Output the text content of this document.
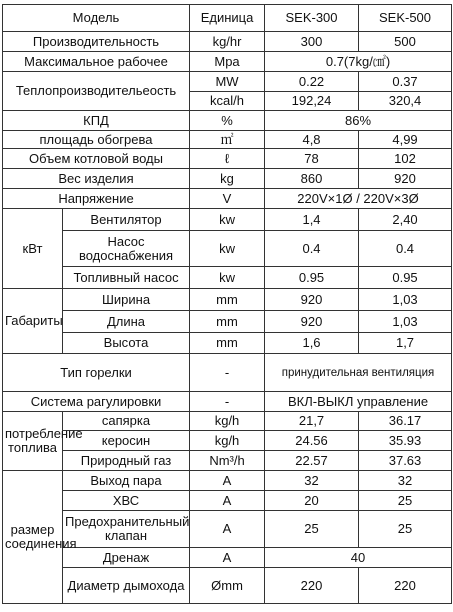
Модель		Единица	SEK-300	SEK-500
Производительность		kg/hr	300	500
Максимальное рабочее		Mpa	0.7(7kg/㎠)	
Теплопроизводительеость		MW	0.22	0.37
		kcal/h	192,24	320,4
КПД		%	86%	
площадь обогрева		㎡	4,8	4,99
Объем котловой воды		ℓ	78	102
Вес изделия		kg	860	920
Напряжение		V	220V×1Ø / 220V×3Ø	
кВт	Вентилятор	kw	1,4	2,40
	Насос водоснабжения	kw	0.4	0.4
	Топливный насос	kw	0.95	0.95
Габариты	Ширина	mm	920	1,03
	Длина	mm	920	1,03
	Высота	mm	1,6	1,7
Тип горелки		-	принудительная вентиляция	
Система рагулировки		-	ВКЛ-ВЫКЛ управление	
потребление топлива	сапярка	kg/h	21,7	36.17
	керосин	kg/h	24.56	35.93
	Природный газ	Nm³/h	22.57	37.63
размер соединения	Выход пара	A	32	32
	ХВС	A	20	25
	Предохранительный клапан	A	25	25
	Дренаж	A	40	
	Диаметр дымохода	Ømm	220	220
